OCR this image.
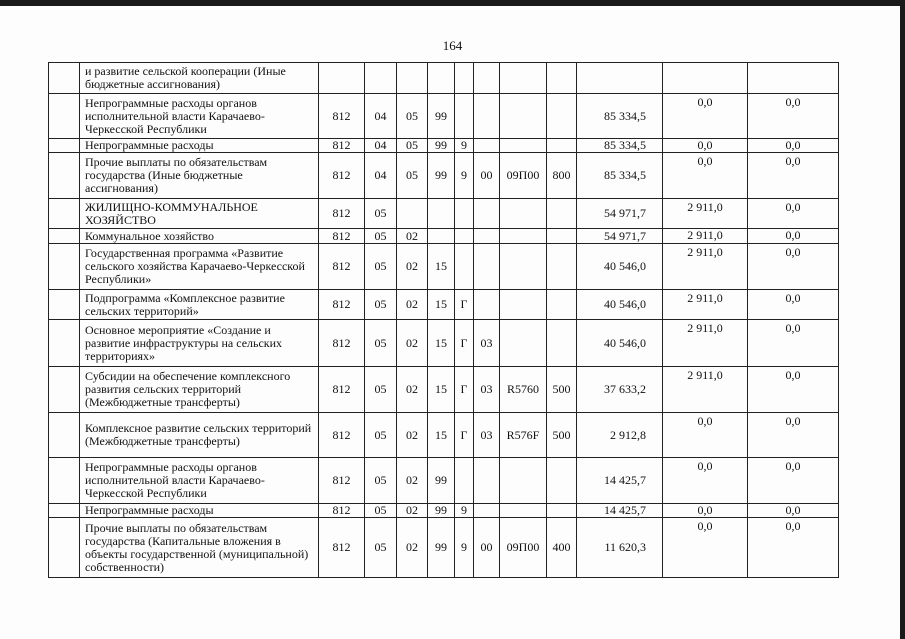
164
	и развитие сельской кооперации (Иные бюджетные ассигнования)											
	Непрограммные расходы органов исполнительной власти Карачаево-Черкесской Республики	812	04	05	99					85 334,5	0,0	0,0
	Непрограммные расходы	812	04	05	99	9				85 334,5	0,0	0,0
	Прочие выплаты по обязательствам государства (Иные бюджетные ассигнования)	812	04	05	99	9	00	09П00	800	85 334,5	0,0	0,0
	ЖИЛИЩНО-КОММУНАЛЬНОЕ ХОЗЯЙСТВО	812	05							54 971,7	2 911,0	0,0
	Коммунальное хозяйство	812	05	02						54 971,7	2 911,0	0,0
	Государственная программа «Развитие сельского хозяйства Карачаево-Черкесской Республики»	812	05	02	15					40 546,0	2 911,0	0,0
	Подпрограмма «Комплексное развитие сельских территорий»	812	05	02	15	Г				40 546,0	2 911,0	0,0
	Основное мероприятие «Создание и развитие инфраструктуры на сельских территориях»	812	05	02	15	Г	03			40 546,0	2 911,0	0,0
	Субсидии на обеспечение комплексного развития сельских территорий (Межбюджетные трансферты)	812	05	02	15	Г	03	R5760	500	37 633,2	2 911,0	0,0
	Комплексное развитие сельских территорий (Межбюджетные трансферты)	812	05	02	15	Г	03	R576F	500	2 912,8	0,0	0,0
	Непрограммные расходы органов исполнительной власти Карачаево-Черкесской Республики	812	05	02	99					14 425,7	0,0	0,0
	Непрограммные расходы	812	05	02	99	9				14 425,7	0,0	0,0
	Прочие выплаты по обязательствам государства (Капитальные вложения в объекты государственной (муниципальной) собственности)	812	05	02	99	9	00	09П00	400	11 620,3	0,0	0,0
